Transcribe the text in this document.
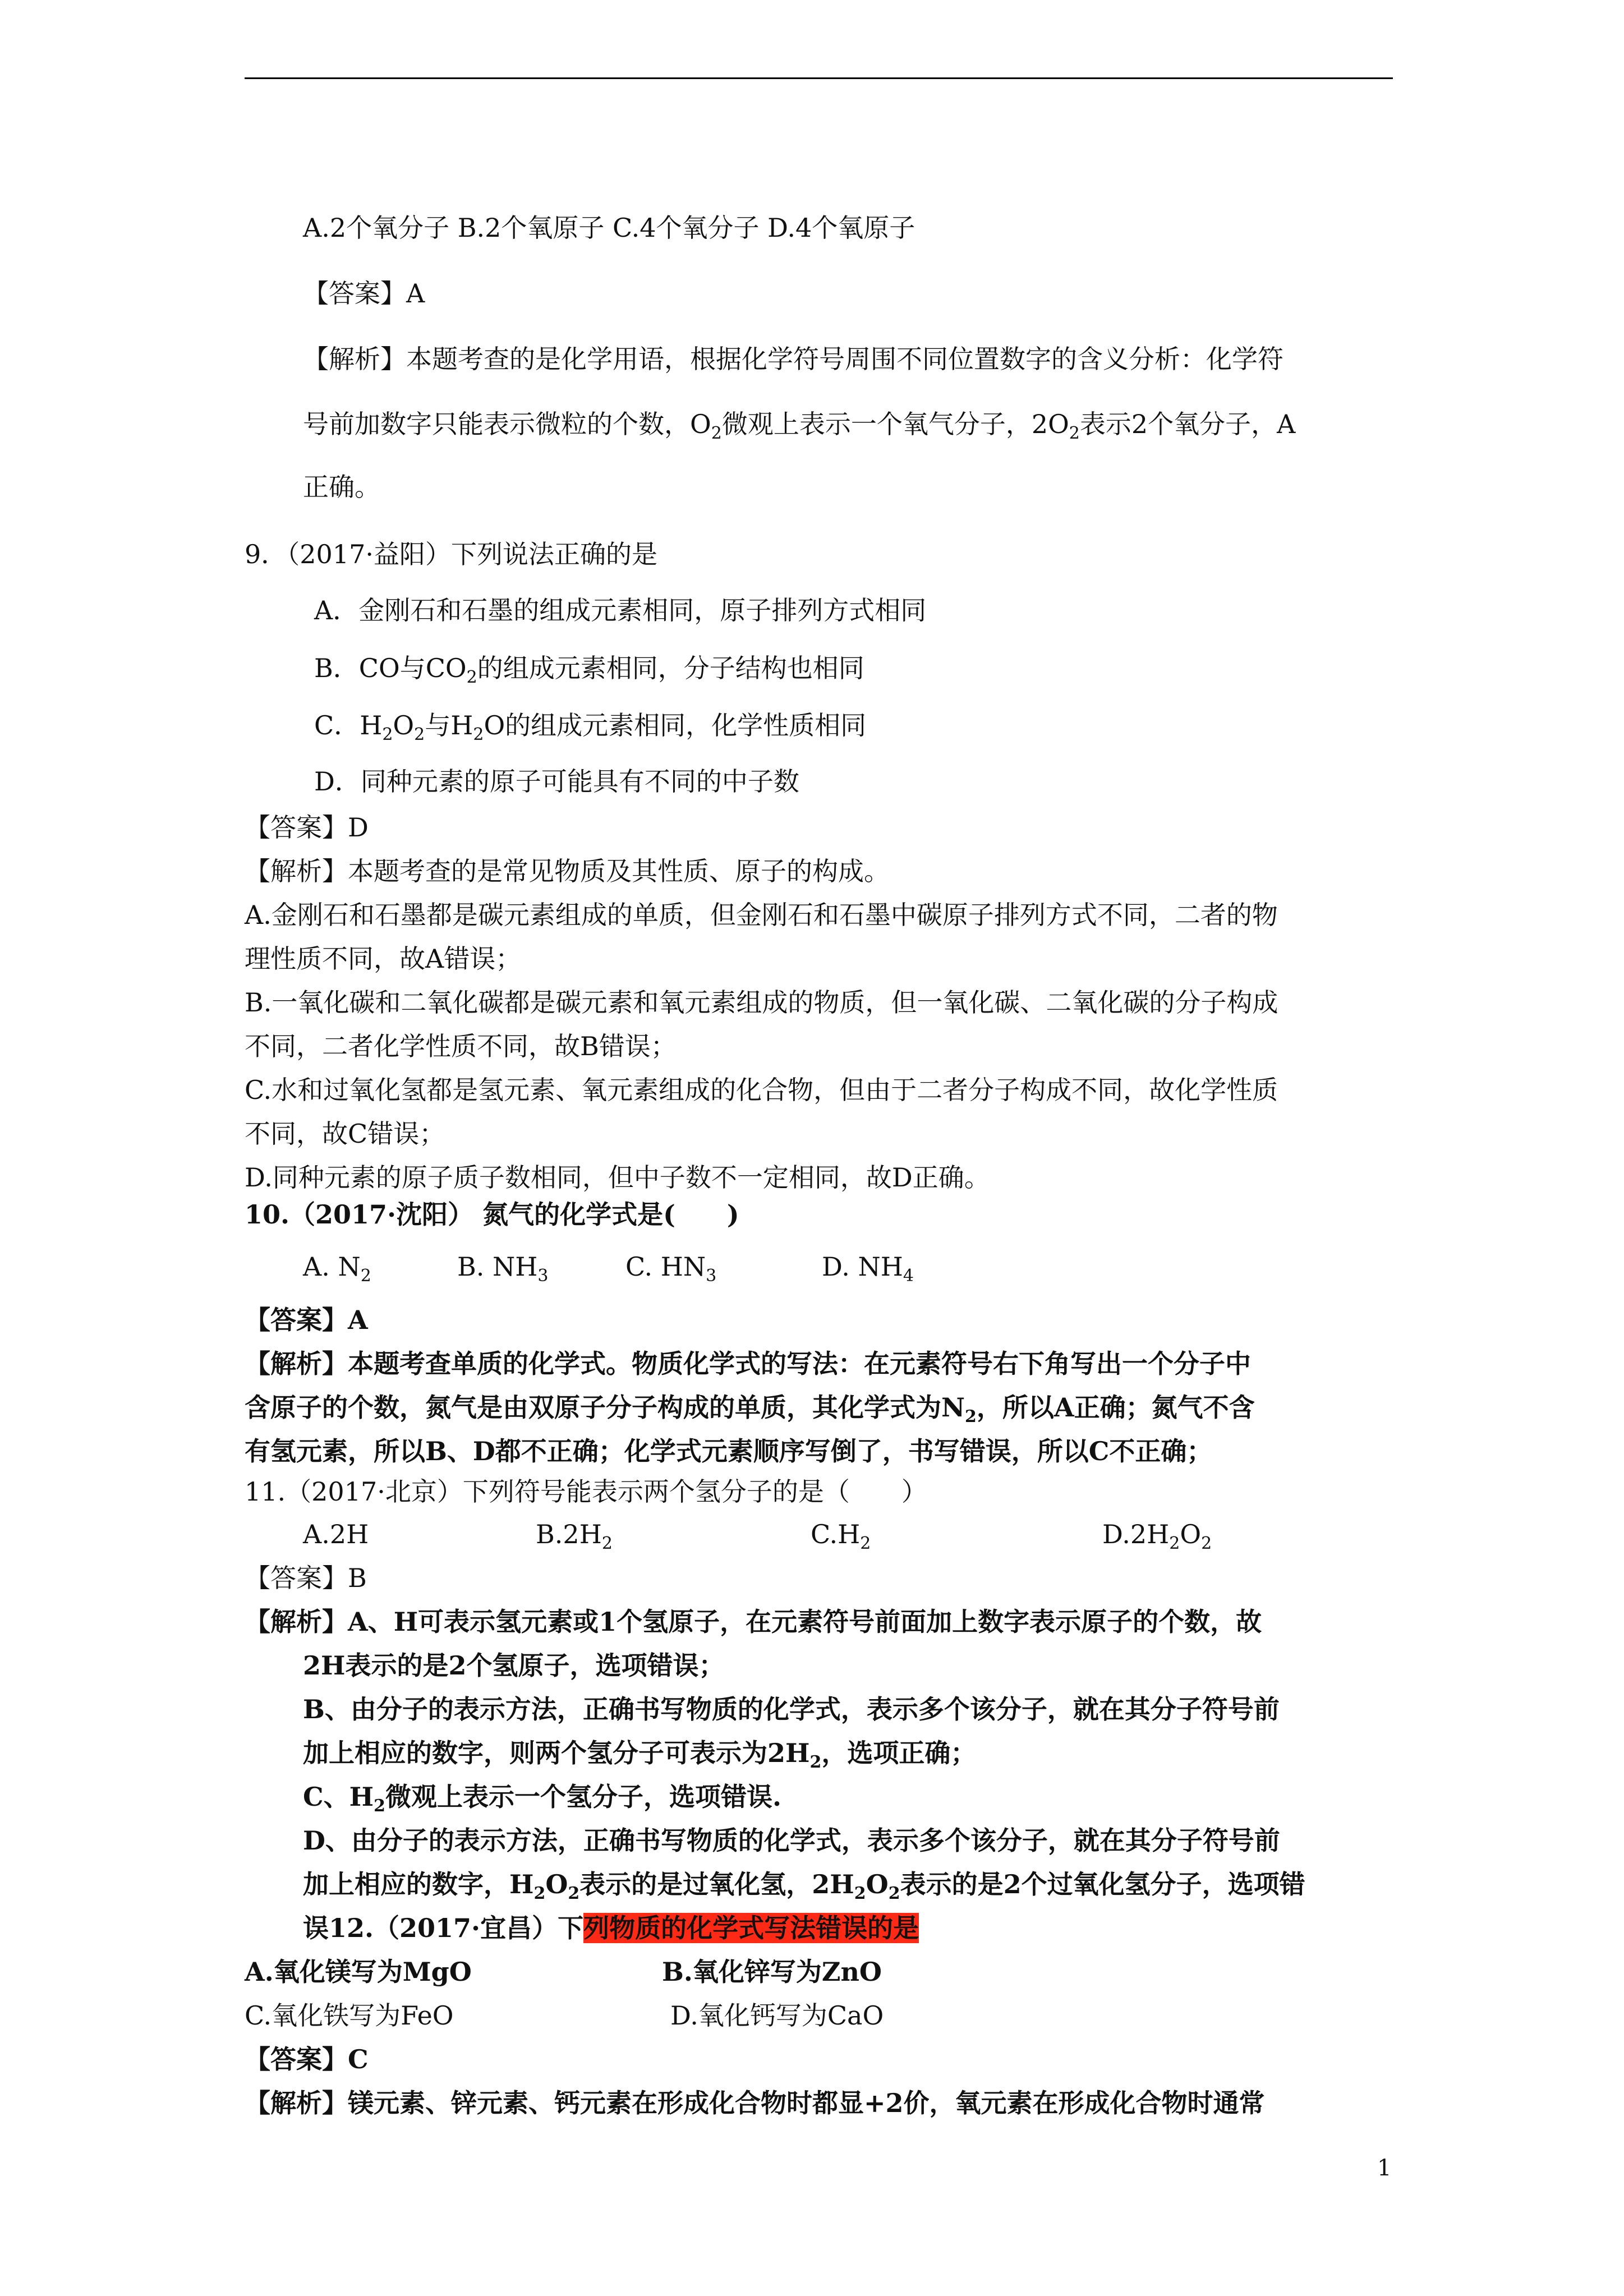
A.2个氧分子 B.2个氧原子 C.4个氧分子 D.4个氧原子
【答案】A
【解析】本题考查的是化学用语，根据化学符号周围不同位置数字的含义分析：化学符
号前加数字只能表示微粒的个数，$O_2$微观上表示一个氧气分子，$2O_2$表示2个氧分子，A
正确。
9．（2017·益阳）下列说法正确的是
A．金刚石和石墨的组成元素相同，原子排列方式相同
B．CO与$CO_2$的组成元素相同，分子结构也相同
C．$H_2O_2$与$H_2O$的组成元素相同，化学性质相同
D．同种元素的原子可能具有不同的中子数
【答案】D
【解析】本题考查的是常见物质及其性质、原子的构成。
A.金刚石和石墨都是碳元素组成的单质，但金刚石和石墨中碳原子排列方式不同，二者的物
理性质不同，故A错误；
B.一氧化碳和二氧化碳都是碳元素和氧元素组成的物质，但一氧化碳、二氧化碳的分子构成
不同，二者化学性质不同，故B错误；
C.水和过氧化氢都是氢元素、氧元素组成的化合物，但由于二者分子构成不同，故化学性质
不同，故C错误；
D.同种元素的原子质子数相同，但中子数不一定相同，故D正确。
10.（2017·沈阳） 氮气的化学式是(　　)
A. $N_2$	B. $NH_3$	C. $HN_3$	D. $NH_4$
【答案】A
【解析】本题考查单质的化学式。物质化学式的写法：在元素符号右下角写出一个分子中
含原子的个数，氮气是由双原子分子构成的单质，其化学式为$N_2$，所以A正确；氮气不含
有氢元素，所以B、D都不正确；化学式元素顺序写倒了，书写错误，所以C不正确；
11.（2017·北京）下列符号能表示两个氢分子的是（　　）
A.2H	$B.2H_2$	$C.H_2$	$D.2H_2O_2$
【答案】B
【解析】A、H可表示氢元素或1个氢原子，在元素符号前面加上数字表示原子的个数，故
2H表示的是2个氢原子，选项错误；
B、由分子的表示方法，正确书写物质的化学式，表示多个该分子，就在其分子符号前
加上相应的数字，则两个氢分子可表示为$2H_2$，选项正确；
C、$H_2$微观上表示一个氢分子，选项错误.
D、由分子的表示方法，正确书写物质的化学式，表示多个该分子，就在其分子符号前
加上相应的数字，$H_2O_2$表示的是过氧化氢，$2H_2O_2$表示的是2个过氧化氢分子，选项错
误12.（2017·宜昌）下列物质的化学式写法错误的是
A.氧化镁写为MgO	B.氧化锌写为ZnO
C.氧化铁写为FeO	D.氧化钙写为CaO
【答案】C
【解析】镁元素、锌元素、钙元素在形成化合物时都显+2价，氧元素在形成化合物时通常
1
